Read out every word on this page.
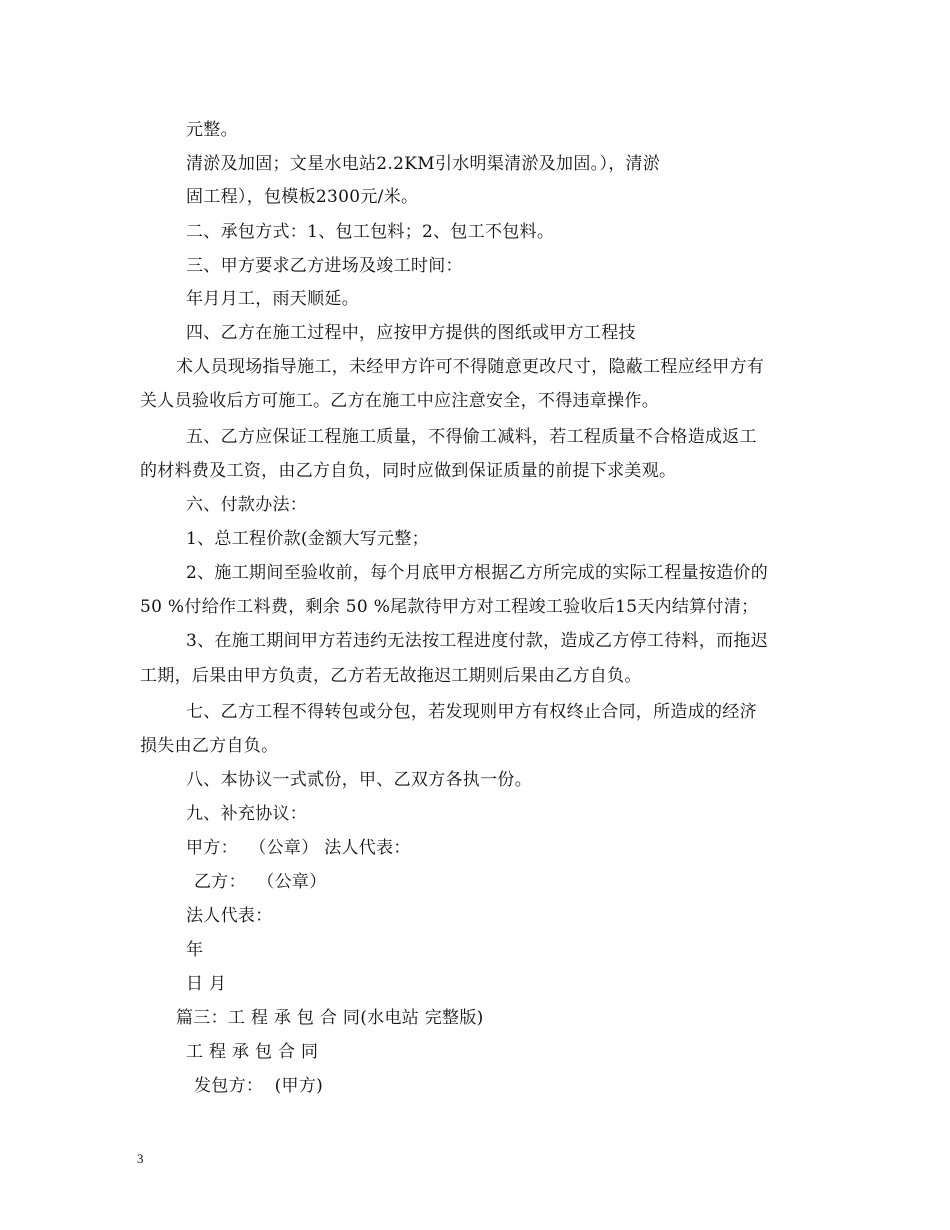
元整。
清淤及加固；文星水电站2.2KM引水明渠清淤及加固。），清淤
固工程），包模板2300元/米。
二、承包方式：1、包工包料；2、包工不包料。
三、甲方要求乙方进场及竣工时间：
年月月工，雨天顺延。
四、乙方在施工过程中，应按甲方提供的图纸或甲方工程技
术人员现场指导施工，未经甲方许可不得随意更改尺寸，隐蔽工程应经甲方有
关人员验收后方可施工。乙方在施工中应注意安全，不得违章操作。
五、乙方应保证工程施工质量，不得偷工减料，若工程质量不合格造成返工
的材料费及工资，由乙方自负，同时应做到保证质量的前提下求美观。
六、付款办法：
1、总工程价款(金额大写元整；
2、施工期间至验收前，每个月底甲方根据乙方所完成的实际工程量按造价的
50 %付给作工料费，剩余 50 %尾款待甲方对工程竣工验收后15天内结算付清；
3、在施工期间甲方若违约无法按工程进度付款，造成乙方停工待料，而拖迟
工期，后果由甲方负责，乙方若无故拖迟工期则后果由乙方自负。
七、乙方工程不得转包或分包，若发现则甲方有权终止合同，所造成的经济
损失由乙方自负。
八、本协议一式贰份，甲、乙双方各执一份。
九、补充协议：
甲方：  （公章） 法人代表：
乙方：  （公章）
法人代表：
年
日 月
篇三：工 程 承 包 合 同(水电站 完整版)
工 程 承 包 合 同
发包方：  (甲方)
3
